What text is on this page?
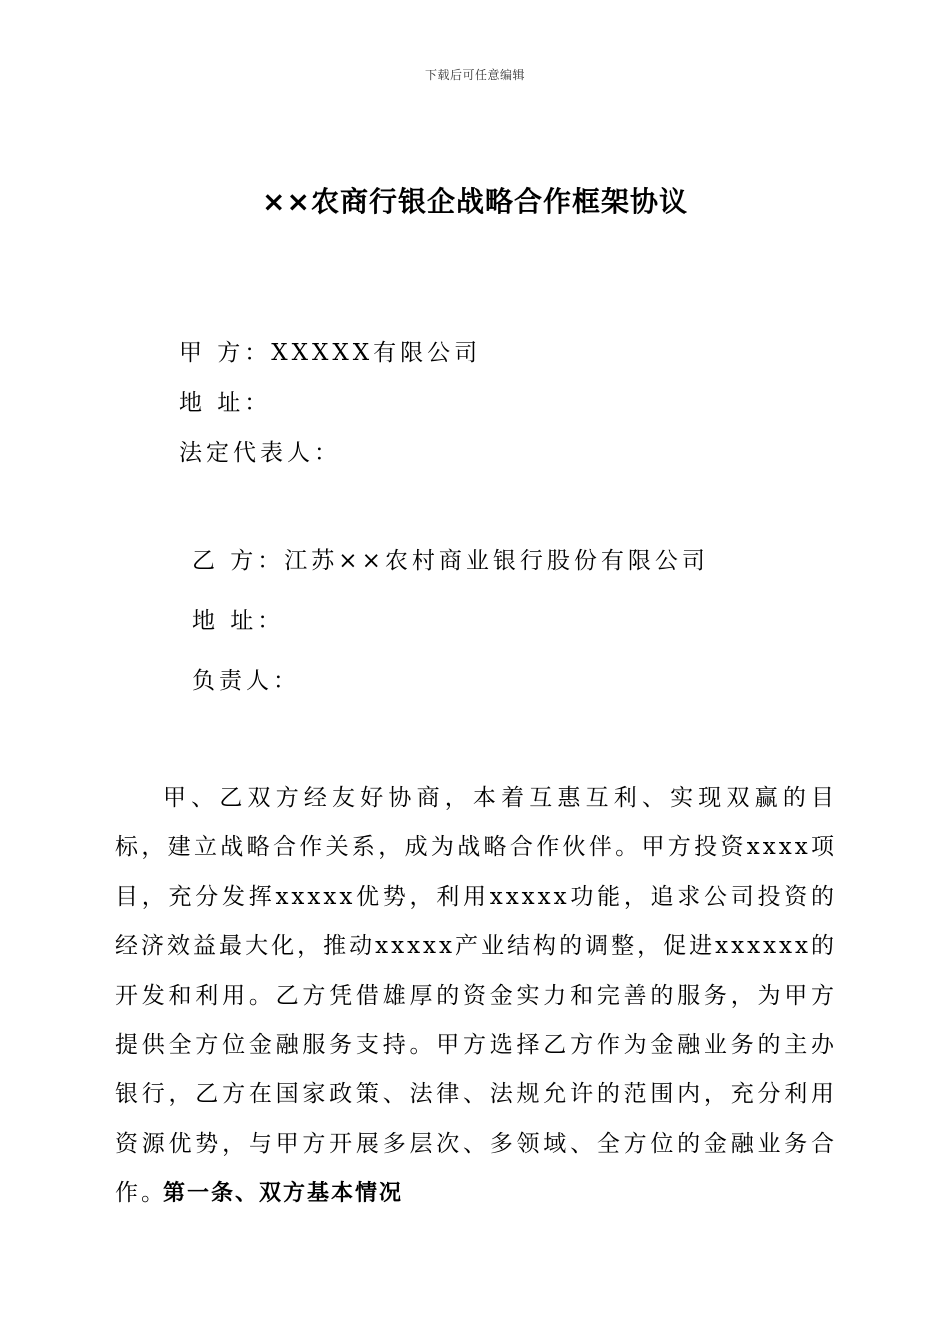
下载后可任意编辑
××农商行银企战略合作框架协议
甲 方：XXXXX有限公司
地 址：
法定代表人：
乙 方：江苏××农村商业银行股份有限公司
地 址：
负责人：

甲、乙双方经友好协商，本着互惠互利、实现双赢的目标，建立战略合作关系，成为战略合作伙伴。甲方投资xxxx项目，充分发挥xxxxx优势，利用xxxxx功能，追求公司投资的经济效益最大化，推动xxxxx产业结构的调整，促进xxxxxx的开发和利用。乙方凭借雄厚的资金实力和完善的服务，为甲方提供全方位金融服务支持。甲方选择乙方作为金融业务的主办银行，乙方在国家政策、法律、法规允许的范围内，充分利用资源优势，与甲方开展多层次、多领域、全方位的金融业务合作。

第一条、双方基本情况
